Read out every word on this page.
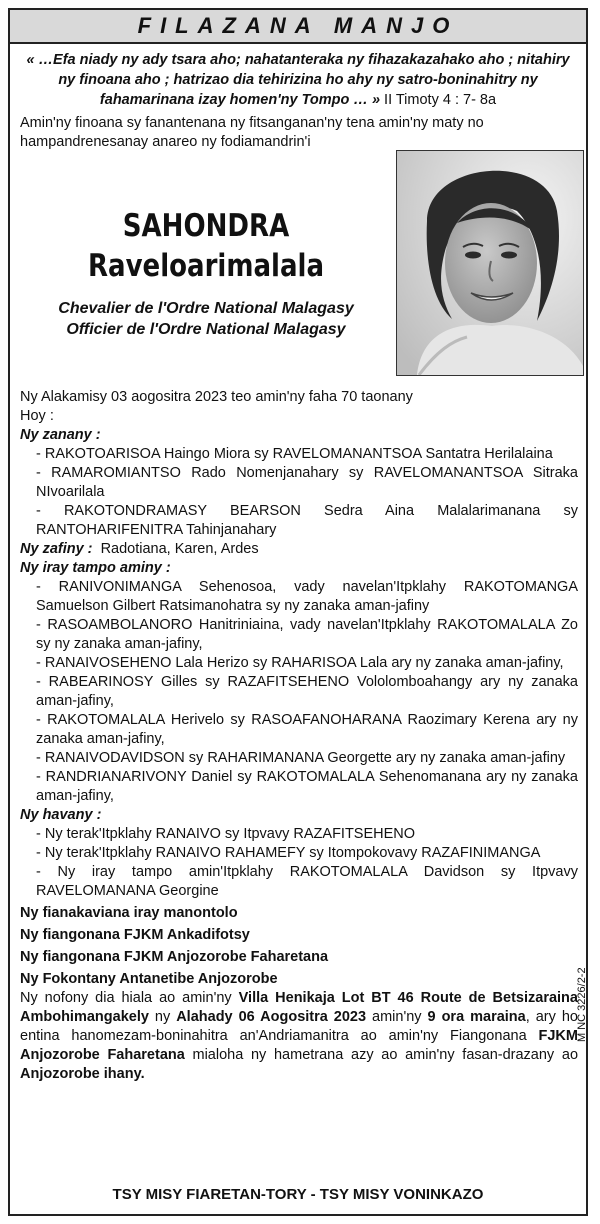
FILAZANA MANJO
« …Efa niady ny ady tsara aho; nahatanteraka ny fihazakazahako aho ; nitahiry ny finoana aho ; hatrizao dia tehirizina ho ahy ny satro-boninahitry ny fahamarinana izay homen'ny Tompo … » II Timoty 4 : 7- 8a
Amin'ny finoana sy fanantenana ny fitsanganan'ny tena amin'ny maty no hampandrenesanay anareo ny fodiamandrin'i
SAHONDRA
Raveloarimalala
Chevalier de l'Ordre National Malagasy
Officier de l'Ordre National Malagasy

Ny Alakamisy 03 aogositra 2023 teo amin'ny faha 70 taonany

Hoy :

Ny zanany :

- RAKOTOARISOA Haingo Miora sy RAVELOMANANTSOA Santatra Herilalaina

- RAMAROMIANTSO Rado Nomenjanahary sy RAVELOMANANTSOA Sitraka NIvoarilala

- RAKOTONDRAMASY BEARSON Sedra Aina Malalarimanana sy RANTOHARIFENITRA Tahinjanahary

Ny zafiny : Radotiana, Karen, Ardes

Ny iray tampo aminy :

- RANIVONIMANGA Sehenosoa, vady navelan'Itpklahy RAKOTOMANGA Samuelson Gilbert Ratsimanohatra sy ny zanaka aman-jafiny

- RASOAMBOLANORO Hanitriniaina, vady navelan'Itpklahy RAKOTOMALALA Zo sy ny zanaka aman-jafiny,

- RANAIVOSEHENO Lala Herizo sy RAHARISOA Lala ary ny zanaka aman-jafiny,

- RABEARINOSY Gilles sy RAZAFITSEHENO Vololomboahangy ary ny zanaka aman-jafiny,

- RAKOTOMALALA Herivelo sy RASOAFANOHARANA Raozimary Kerena ary ny zanaka aman-jafiny,

- RANAIVODAVIDSON sy RAHARIMANANA Georgette ary ny zanaka aman-jafiny

- RANDRIANARIVONY Daniel sy RAKOTOMALALA Sehenomanana ary ny zanaka aman-jafiny,

Ny havany :

- Ny terak'Itpklahy RANAIVO sy Itpvavy RAZAFITSEHENO

- Ny terak'Itpklahy RANAIVO RAHAMEFY sy Itompokovavy RAZAFINIMANGA

- Ny iray tampo amin'Itpklahy RAKOTOMALALA Davidson sy Itpvavy RAVELOMANANA Georgine

Ny fianakaviana iray manontolo

Ny fiangonana FJKM Ankadifotsy

Ny fiangonana FJKM Anjozorobe Faharetana

Ny Fokontany Antanetibe Anjozorobe

Ny nofony dia hiala ao amin'ny Villa Henikaja Lot BT 46 Route de Betsizaraina Ambohimangakely ny Alahady 06 Aogositra 2023 amin'ny 9 ora maraina, ary ho entina hanomezam-boninahitra an'Andriamanitra ao amin'ny Fiangonana FJKM Anjozorobe Faharetana mialoha ny hametrana azy ao amin'ny fasan-drazany ao Anjozorobe ihany.

TSY MISY FIARETAN-TORY - TSY MISY VONINKAZO
M NC 3226/2-2
